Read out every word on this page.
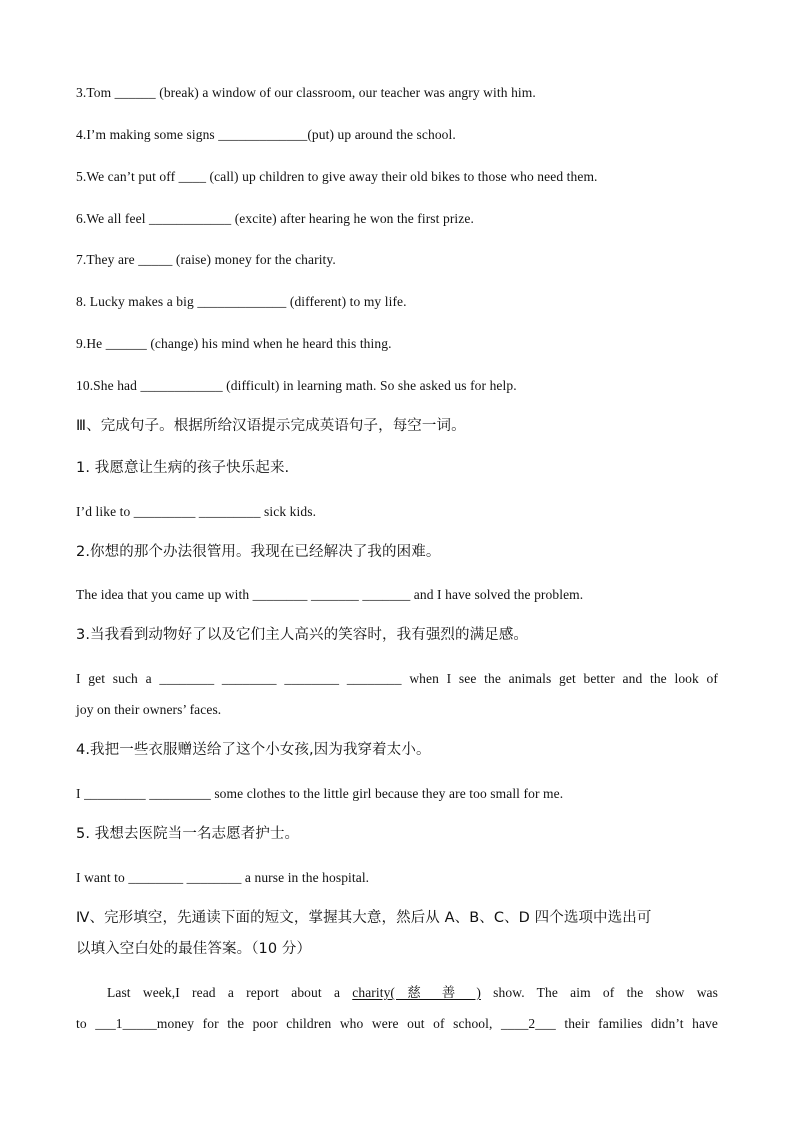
3.Tom ______ (break) a window of our classroom, our teacher was angry with him.
4.I’m making some signs _____________(put) up around the school.
5.We can’t put off ____ (call) up children to give away their old bikes to those who need them.
6.We all feel ____________ (excite) after hearing he won the first prize.
7.They are _____ (raise) money for the charity.
8. Lucky makes a big _____________ (different) to my life.
9.He ______ (change) his mind when he heard this thing.
10.She had ____________ (difficult) in learning math. So she asked us for help.
Ⅲ、完成句子。根据所给汉语提示完成英语句子，每空一词。
1. 我愿意让生病的孩子快乐起来.
I’d like to _________ _________ sick kids.
2.你想的那个办法很管用。我现在已经解决了我的困难。
The idea that you came up with ________ _______ _______ and I have solved the problem.
3.当我看到动物好了以及它们主人高兴的笑容时，我有强烈的满足感。
I get such a ________ ________ ________ ________ when I see the animals get better and the look of
joy on their owners’ faces.
4.我把一些衣服赠送给了这个小女孩,因为我穿着太小。
I _________ _________ some clothes to the little girl because they are too small for me.
5. 我想去医院当一名志愿者护士。
I want to ________ ________ a nurse in the hospital.
Ⅳ、完形填空，先通读下面的短文，掌握其大意，然后从 A、B、C、D 四个选项中选出可
以填入空白处的最佳答案。（10 分）
Last week,I read a report about a charity( 慈 善 ) show. The aim of the show was
to ___1_____money for the poor children who were out of school, ____2___ their families didn’t have
